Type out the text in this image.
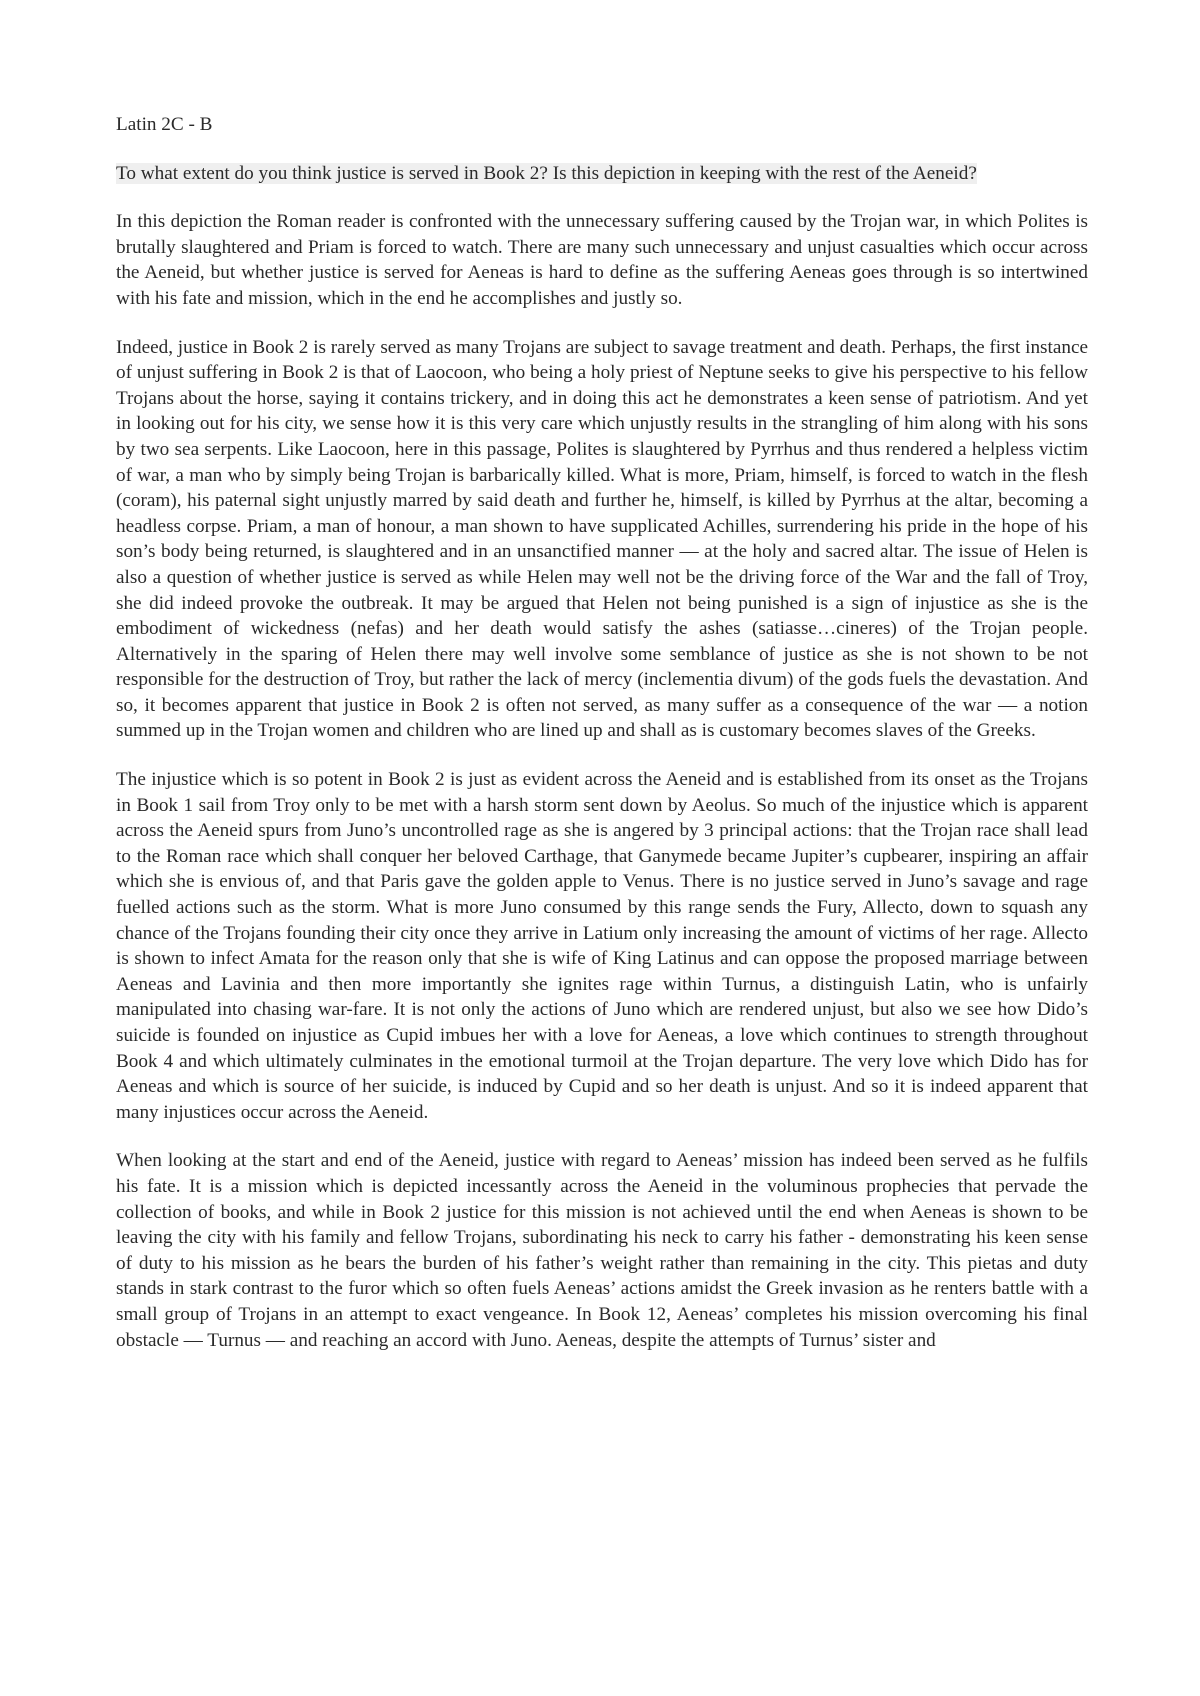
Latin 2C - B
To what extent do you think justice is served in Book 2? Is this depiction in keeping with the rest of the Aeneid?

In this depiction the Roman reader is confronted with the unnecessary suffering caused by the Trojan war, in which Polites is brutally slaughtered and Priam is forced to watch. There are many such unnecessary and unjust casualties which occur across the Aeneid, but whether justice is served for Aeneas is hard to define as the suffering Aeneas goes through is so intertwined with his fate and mission, which in the end he accomplishes and justly so.

Indeed, justice in Book 2 is rarely served as many Trojans are subject to savage treatment and death. Perhaps, the first instance of unjust suffering in Book 2 is that of Laocoon, who being a holy priest of Neptune seeks to give his perspective to his fellow Trojans about the horse, saying it contains trickery, and in doing this act he demonstrates a keen sense of patriotism. And yet in looking out for his city, we sense how it is this very care which unjustly results in the strangling of him along with his sons by two sea serpents. Like Laocoon, here in this passage, Polites is slaughtered by Pyrrhus and thus rendered a helpless victim of war, a man who by simply being Trojan is barbarically killed. What is more, Priam, himself, is forced to watch in the flesh (coram), his paternal sight unjustly marred by said death and further he, himself, is killed by Pyrrhus at the altar, becoming a headless corpse. Priam, a man of honour, a man shown to have supplicated Achilles, surrendering his pride in the hope of his son’s body being returned, is slaughtered and in an unsanctified manner — at the holy and sacred altar. The issue of Helen is also a question of whether justice is served as while Helen may well not be the driving force of the War and the fall of Troy, she did indeed provoke the outbreak. It may be argued that Helen not being punished is a sign of injustice as she is the embodiment of wickedness (nefas) and her death would satisfy the ashes (satiasse…cineres) of the Trojan people. Alternatively in the sparing of Helen there may well involve some semblance of justice as she is not shown to be not responsible for the destruction of Troy, but rather the lack of mercy (inclementia divum) of the gods fuels the devastation. And so, it becomes apparent that justice in Book 2 is often not served, as many suffer as a consequence of the war — a notion summed up in the Trojan women and children who are lined up and shall as is customary becomes slaves of the Greeks.

The injustice which is so potent in Book 2 is just as evident across the Aeneid and is established from its onset as the Trojans in Book 1 sail from Troy only to be met with a harsh storm sent down by Aeolus. So much of the injustice which is apparent across the Aeneid spurs from Juno’s uncontrolled rage as she is angered by 3 principal actions: that the Trojan race shall lead to the Roman race which shall conquer her beloved Carthage, that Ganymede became Jupiter’s cupbearer, inspiring an affair which she is envious of, and that Paris gave the golden apple to Venus. There is no justice served in Juno’s savage and rage fuelled actions such as the storm. What is more Juno consumed by this range sends the Fury, Allecto, down to squash any chance of the Trojans founding their city once they arrive in Latium only increasing the amount of victims of her rage. Allecto is shown to infect Amata for the reason only that she is wife of King Latinus and can oppose the proposed marriage between Aeneas and Lavinia and then more importantly she ignites rage within Turnus, a distinguish Latin, who is unfairly manipulated into chasing war-fare. It is not only the actions of Juno which are rendered unjust, but also we see how Dido’s suicide is founded on injustice as Cupid imbues her with a love for Aeneas, a love which continues to strength throughout Book 4 and which ultimately culminates in the emotional turmoil at the Trojan departure. The very love which Dido has for Aeneas and which is source of her suicide, is induced by Cupid and so her death is unjust. And so it is indeed apparent that many injustices occur across the Aeneid.

When looking at the start and end of the Aeneid, justice with regard to Aeneas’ mission has indeed been served as he fulfils his fate. It is a mission which is depicted incessantly across the Aeneid in the voluminous prophecies that pervade the collection of books, and while in Book 2 justice for this mission is not achieved until the end when Aeneas is shown to be leaving the city with his family and fellow Trojans, subordinating his neck to carry his father - demonstrating his keen sense of duty to his mission as he bears the burden of his father’s weight rather than remaining in the city. This pietas and duty stands in stark contrast to the furor which so often fuels Aeneas’ actions amidst the Greek invasion as he renters battle with a small group of Trojans in an attempt to exact vengeance. In Book 12, Aeneas’ completes his mission overcoming his final obstacle — Turnus — and reaching an accord with Juno. Aeneas, despite the attempts of Turnus’ sister and
